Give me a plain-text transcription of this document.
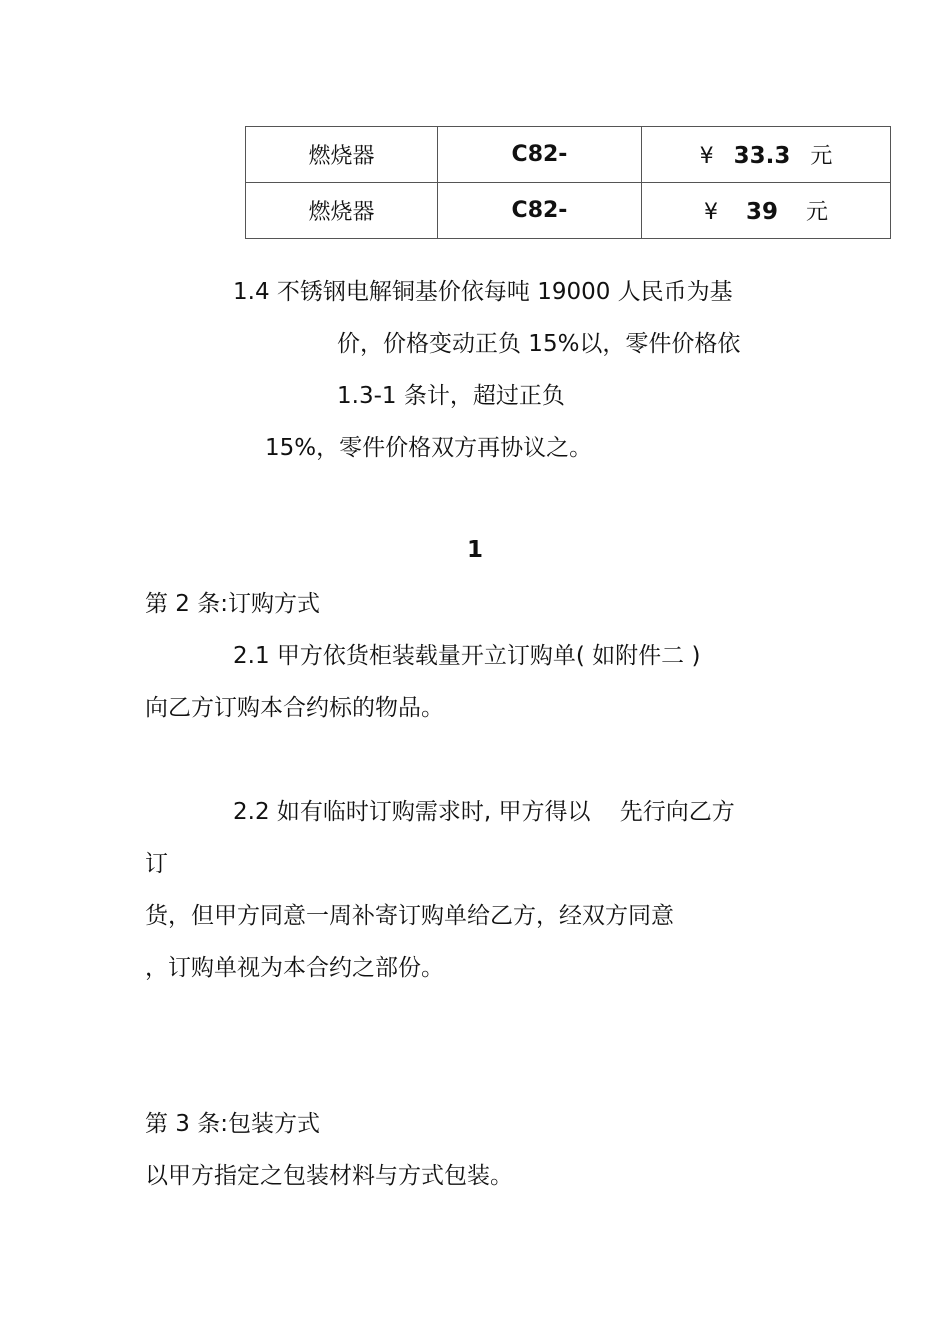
燃烧器	C82-	¥ 33.3 元
燃烧器	C82-	¥ 39 元
1.4 不锈钢电解铜基价依每吨 19000 人民币为基
价，价格变动正负 15%以，零件价格依
1.3-1 条计，超过正负
15%，零件价格双方再协议之。
1
第 2 条:订购方式
2.1 甲方依货柜装载量开立订购单( 如附件二 )
向乙方订购本合约标的物品。
2.2 如有临时订购需求时, 甲方得以    先行向乙方
订
货，但甲方同意一周补寄订购单给乙方，经双方同意
，订购单视为本合约之部份。
第 3 条:包装方式
以甲方指定之包装材料与方式包装。
